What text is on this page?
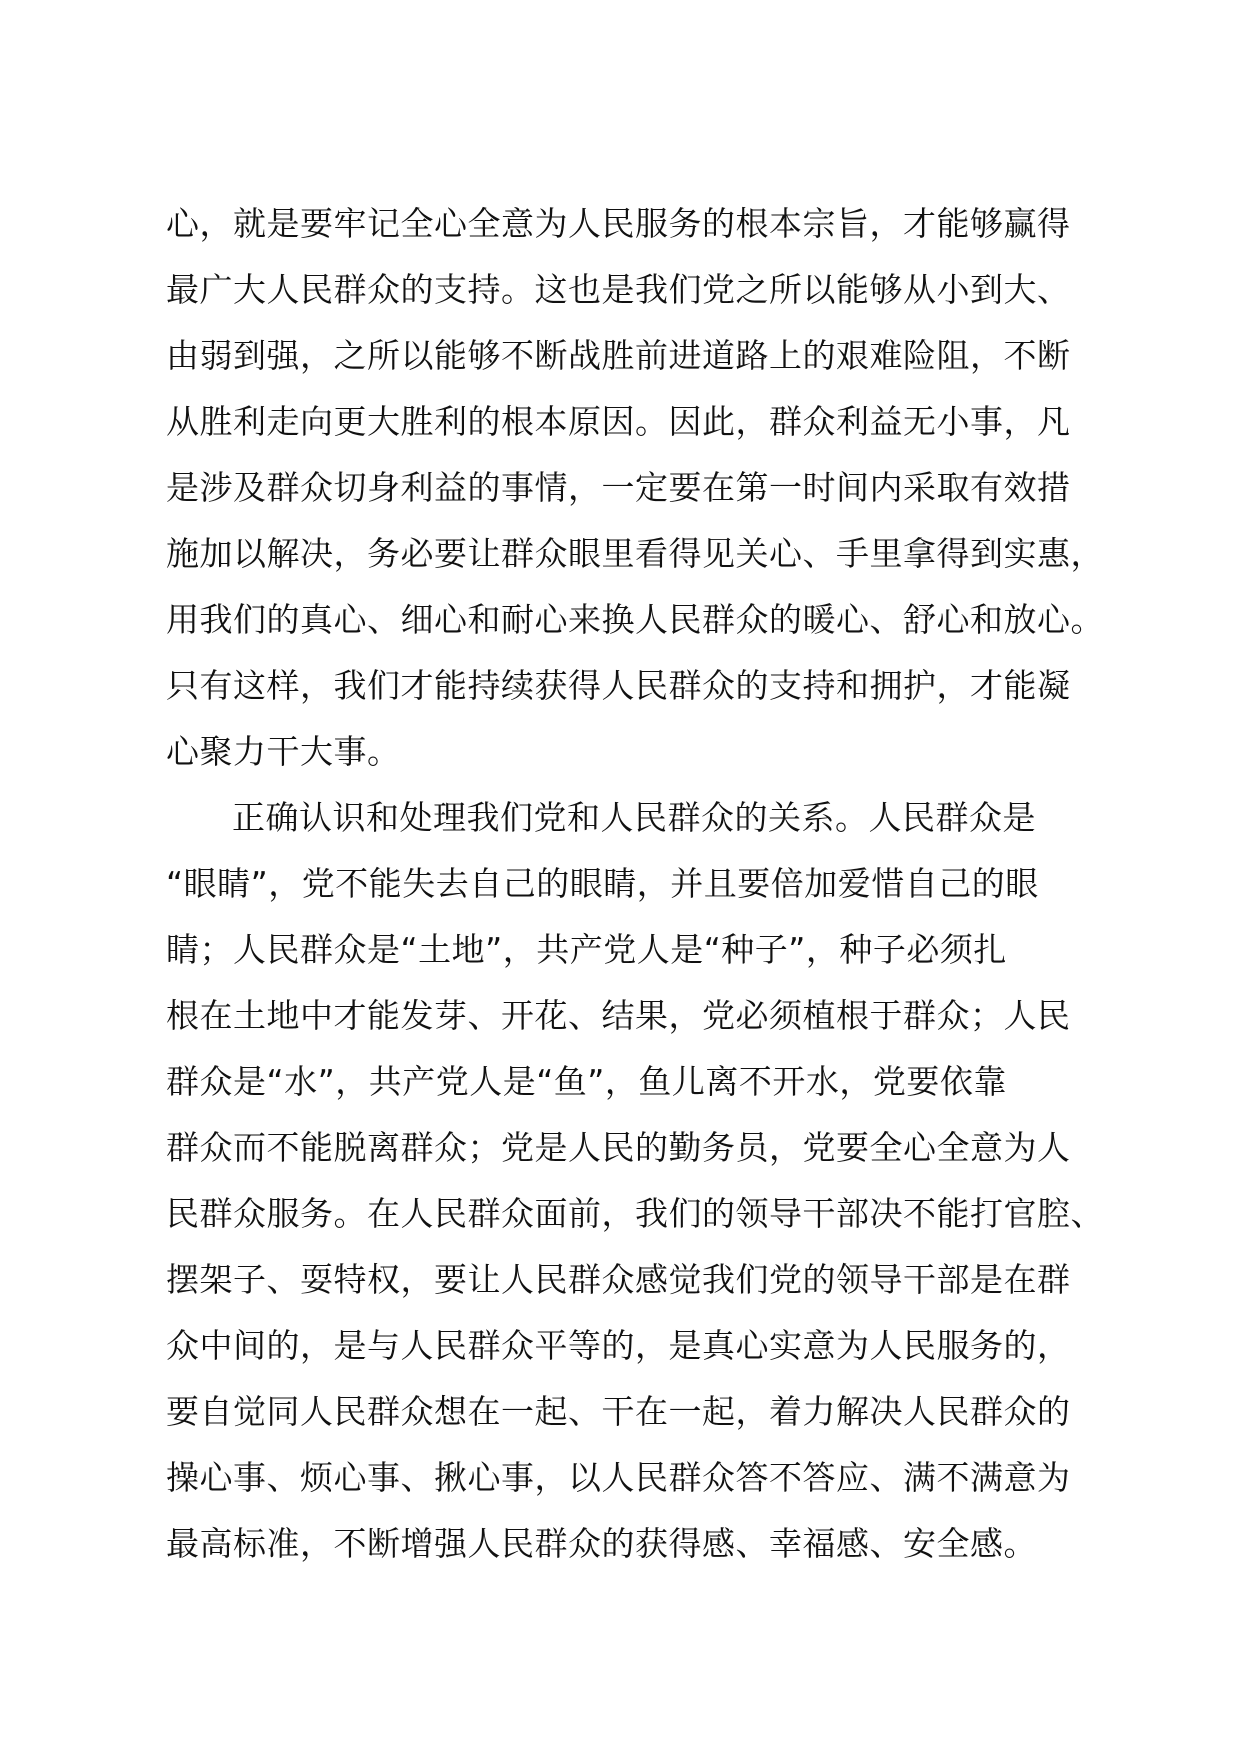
心，就是要牢记全心全意为人民服务的根本宗旨，才能够赢得
最广大人民群众的支持。这也是我们党之所以能够从小到大、
由弱到强，之所以能够不断战胜前进道路上的艰难险阻，不断
从胜利走向更大胜利的根本原因。因此，群众利益无小事，凡
是涉及群众切身利益的事情，一定要在第一时间内采取有效措
施加以解决，务必要让群众眼里看得见关心、手里拿得到实惠，
用我们的真心、细心和耐心来换人民群众的暖心、舒心和放心。
只有这样，我们才能持续获得人民群众的支持和拥护，才能凝
心聚力干大事。
正确认识和处理我们党和人民群众的关系。人民群众是
“眼睛”，党不能失去自己的眼睛，并且要倍加爱惜自己的眼
睛；人民群众是“土地”，共产党人是“种子”，种子必须扎
根在土地中才能发芽、开花、结果，党必须植根于群众；人民
群众是“水”，共产党人是“鱼”，鱼儿离不开水，党要依靠
群众而不能脱离群众；党是人民的勤务员，党要全心全意为人
民群众服务。在人民群众面前，我们的领导干部决不能打官腔、
摆架子、耍特权，要让人民群众感觉我们党的领导干部是在群
众中间的，是与人民群众平等的，是真心实意为人民服务的，
要自觉同人民群众想在一起、干在一起，着力解决人民群众的
操心事、烦心事、揪心事，以人民群众答不答应、满不满意为
最高标准，不断增强人民群众的获得感、幸福感、安全感。
